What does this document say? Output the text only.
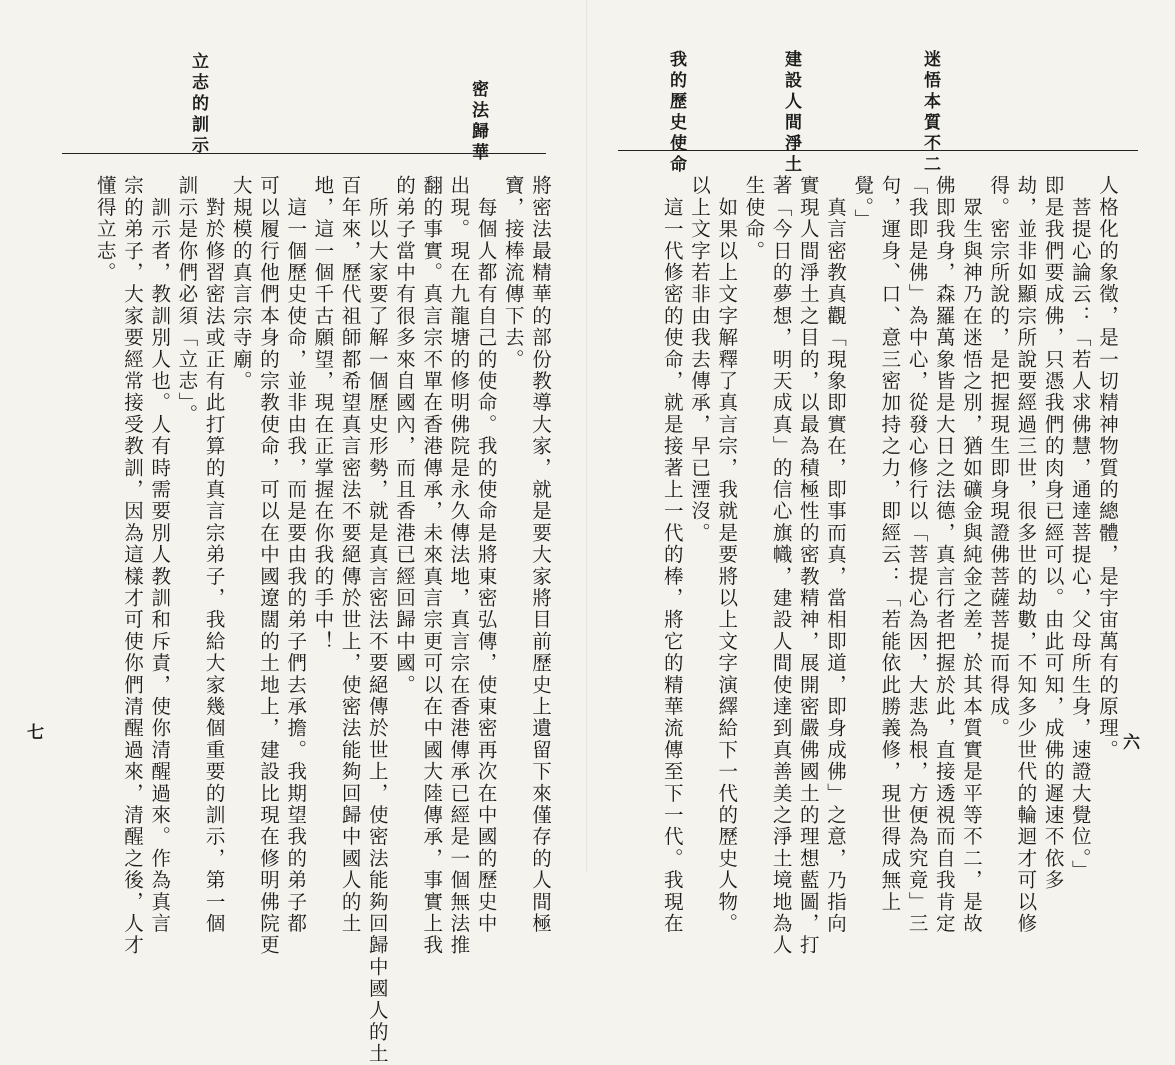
密法歸華
立志的訓示
將密法最精華的部份教導大家，就是要大家將目前歷史上遺留下來僅存的人間極
寶，接棒流傳下去。
　每個人都有自己的使命。我的使命是將東密弘傳，使東密再次在中國的歷史中
出現。現在九龍塘的修明佛院是永久傳法地，真言宗在香港傳承已經是一個無法推
翻的事實。真言宗不單在香港傳承，未來真言宗更可以在中國大陸傳承，事實上我
的弟子當中有很多來自國內，而且香港已經回歸中國。
　所以大家要了解一個歷史形勢，就是真言密法不要絕傳於世上，使密法能夠回歸中國人的土
百年來，歷代祖師都希望真言密法不要絕傳於世上，使密法能夠回歸中國人的土
地，這一個千古願望，現在正掌握在你我的手中！
　這一個歷史使命，並非由我，而是要由我的弟子們去承擔。我期望我的弟子都
可以履行他們本身的宗教使命，可以在中國遼闊的土地上，建設比現在修明佛院更
大規模的真言宗寺廟。
　對於修習密法或正有此打算的真言宗弟子，我給大家幾個重要的訓示，第一個
訓示是你們必須「立志」。
　訓示者，教訓別人也。人有時需要別人教訓和斥責，使你清醒過來。作為真言
宗的弟子，大家要經常接受教訓，因為這樣才可使你們清醒過來，清醒之後，人才
懂得立志。
七
迷悟本質不二
建設人間淨土
我的歷史使命
人格化的象徵，是一切精神物質的總體，是宇宙萬有的原理。
　菩提心論云：「若人求佛慧，通達菩提心，父母所生身，速證大覺位。」
即是我們要成佛，只憑我們的肉身已經可以。由此可知，成佛的遲速不依多
劫，並非如顯宗所說要經過三世，很多世的劫數，不知多少世代的輪迴才可以修
得。密宗所說的，是把握現生即身現證佛菩薩菩提而得成。
　眾生與神乃在迷悟之別，猶如礦金與純金之差，於其本質實是平等不二，是故
佛即我身，森羅萬象皆是大日之法德，真言行者把握於此，直接透視而自我肯定
「我即是佛」為中心，從發心修行以「菩提心為因，大悲為根，方便為究竟」三
句，運身、口、意三密加持之力，即經云：「若能依此勝義修，現世得成無上
覺。」
　真言密教真觀「現象即實在，即事而真，當相即道，即身成佛」之意，乃指向
實現人間淨土之目的，以最為積極性的密教精神，展開密嚴佛國土的理想藍圖，打
著「今日的夢想，明天成真」的信心旗幟，建設人間使達到真善美之淨土境地為人
生使命。
　如果以上文字解釋了真言宗，我就是要將以上文字演繹給下一代的歷史人物。
以上文字若非由我去傳承，早已湮沒。
　這一代修密的使命，就是接著上一代的棒，將它的精華流傳至下一代。我現在	六
